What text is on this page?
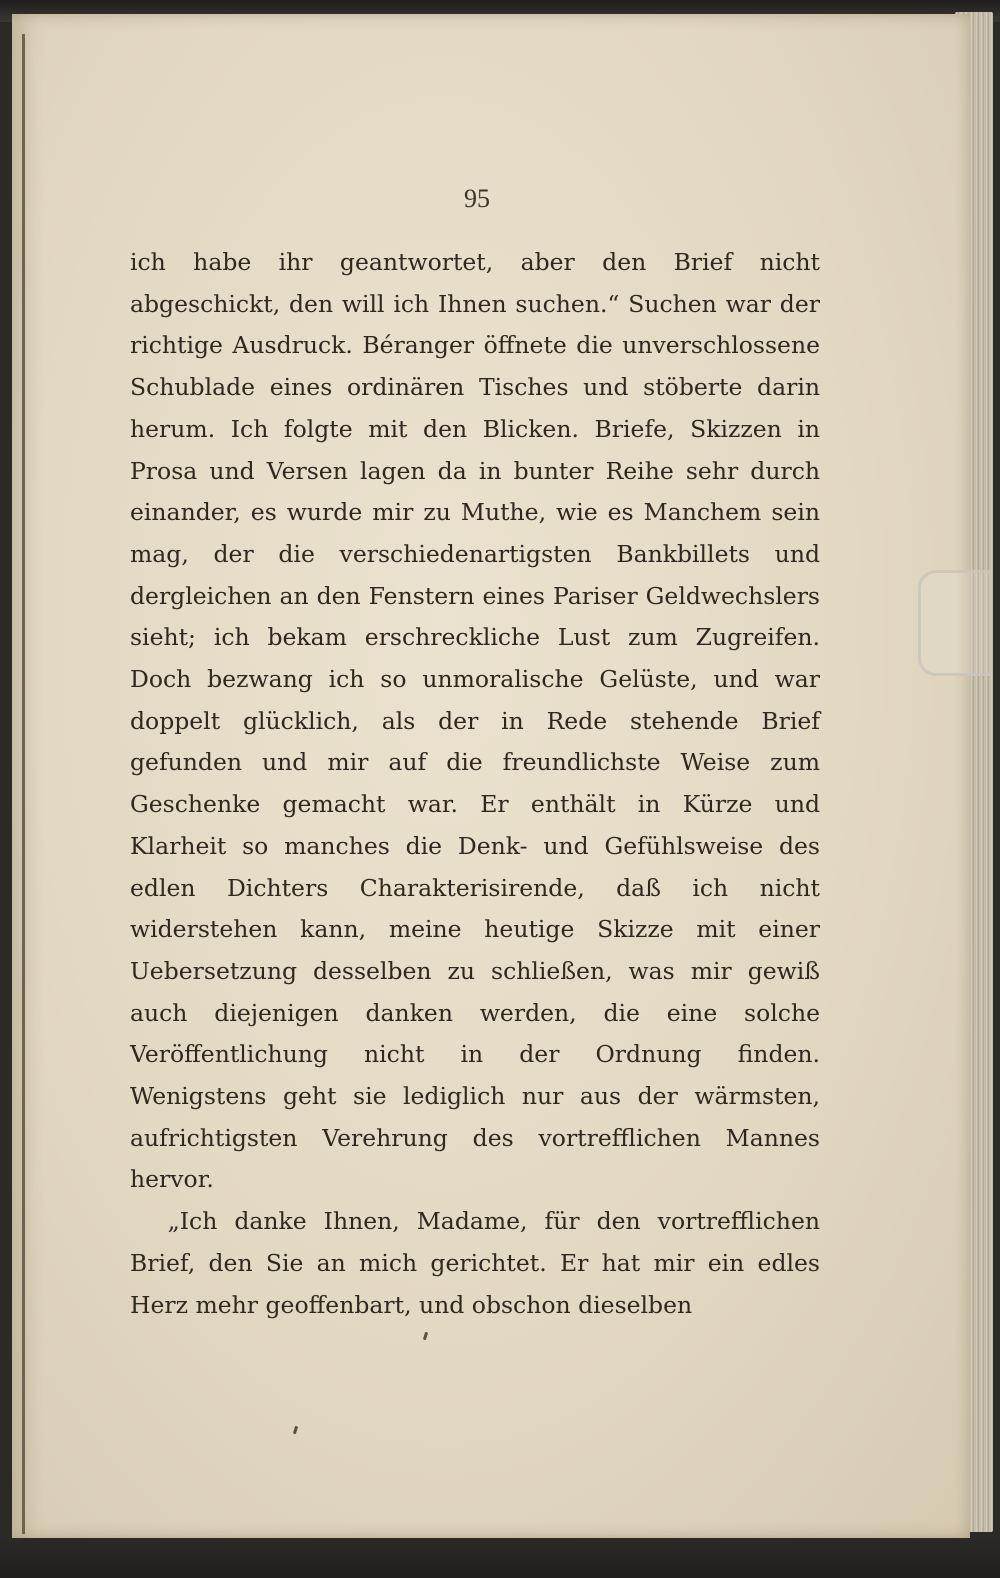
95

ich habe ihr geantwortet, aber den Brief nicht abgeschickt, den will ich Ihnen suchen.“ Suchen war der richtige Ausdruck. Béranger öffnete die unverschlossene Schublade eines ordinären Tisches und stöberte darin herum. Ich folgte mit den Blicken. Briefe, Skizzen in Prosa und Versen lagen da in bunter Reihe sehr durch einander, es wurde mir zu Muthe, wie es Manchem sein mag, der die verschiedenartigsten Bankbillets und dergleichen an den Fenstern eines Pariser Geldwechslers sieht; ich bekam erschreckliche Lust zum Zugreifen. Doch bezwang ich so unmoralische Gelüste, und war doppelt glücklich, als der in Rede stehende Brief gefunden und mir auf die freundlichste Weise zum Geschenke gemacht war. Er enthält in Kürze und Klarheit so manches die Denk- und Gefühlsweise des edlen Dichters Charakterisirende, daß ich nicht widerstehen kann, meine heutige Skizze mit einer Uebersetzung desselben zu schließen, was mir gewiß auch diejenigen danken werden, die eine solche Veröffentlichung nicht in der Ordnung finden. Wenigstens geht sie lediglich nur aus der wärmsten, aufrichtigsten Verehrung des vortrefflichen Mannes hervor.

„Ich danke Ihnen, Madame, für den vortrefflichen Brief, den Sie an mich gerichtet. Er hat mir ein edles Herz mehr geoffenbart, und obschon dieselben
